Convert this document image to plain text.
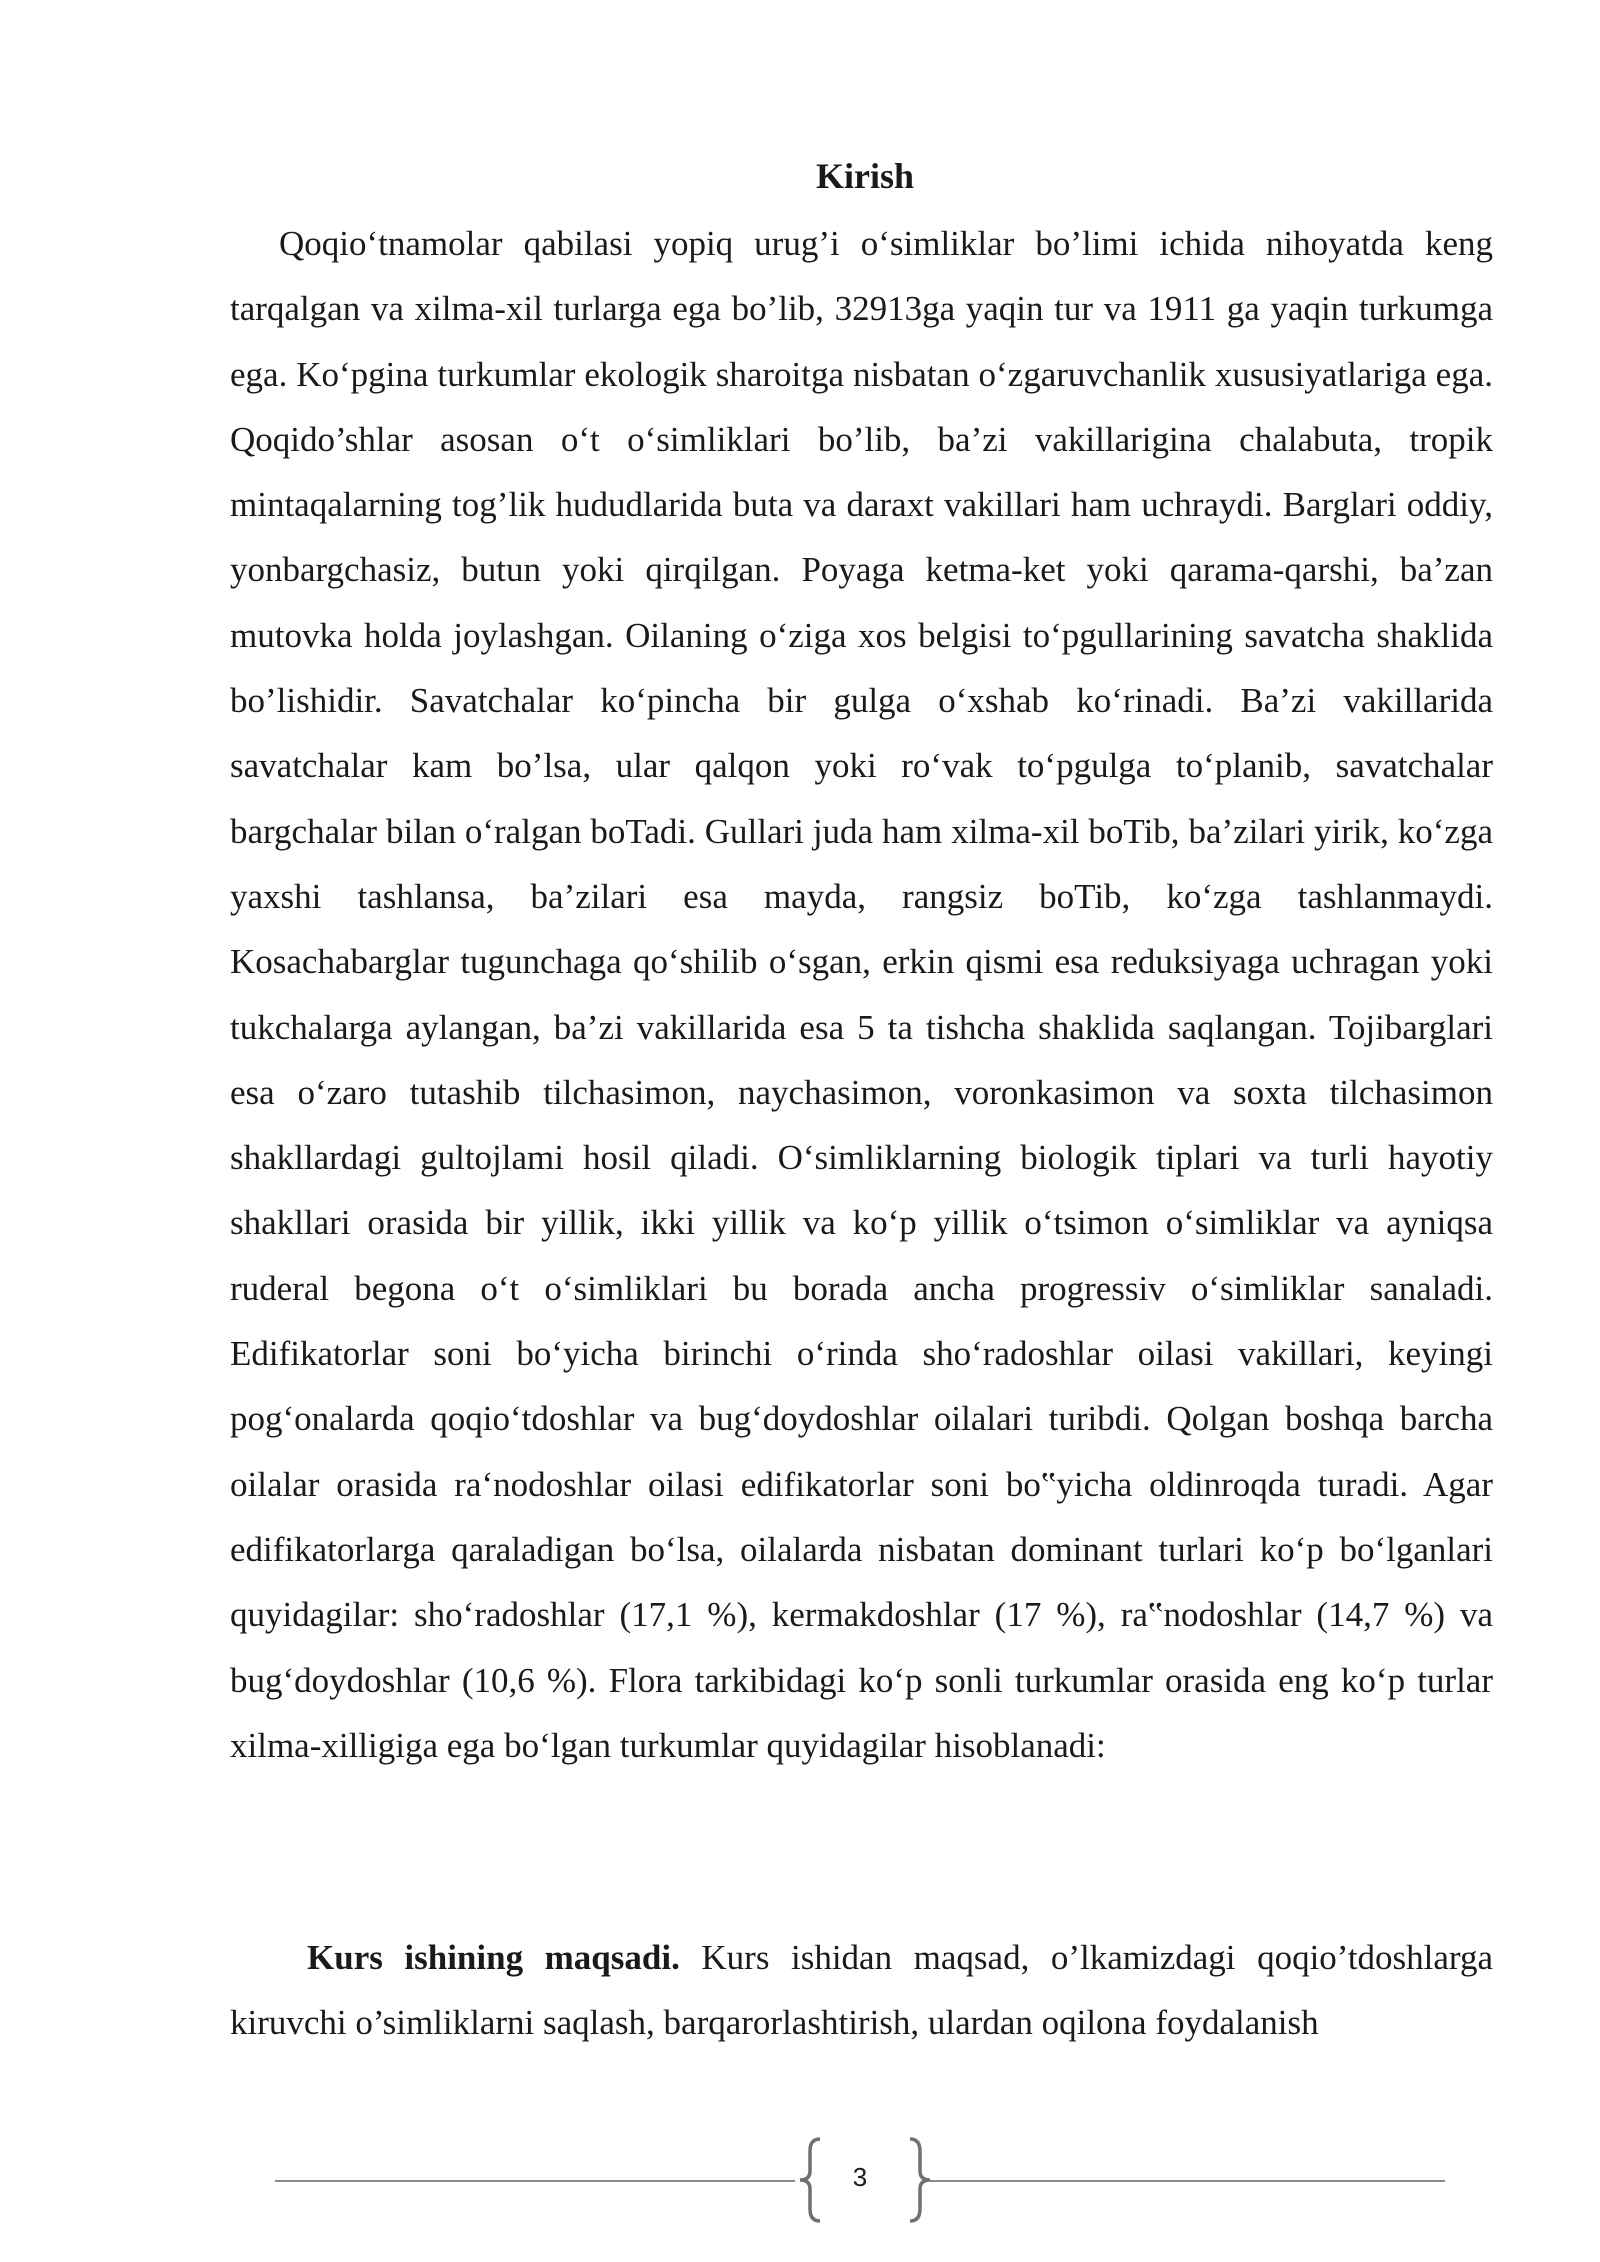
Kirish

Qoqio‘tnamolar qabilasi yopiq urug’i o‘simliklar bo’limi ichida nihoyatda keng tarqalgan va xilma-xil turlarga ega bo’lib, 32913ga yaqin tur va 1911 ga yaqin turkumga ega. Ko‘pgina turkumlar ekologik sharoitga nisbatan o‘zgaruvchanlik xususiyatlariga ega. Qoqido’shlar asosan o‘t o‘simliklari bo’lib, ba’zi vakillarigina chalabuta, tropik mintaqalarning tog’lik hududlarida buta va daraxt vakillari ham uchraydi. Barglari oddiy, yonbargchasiz, butun yoki qirqilgan. Poyaga ketma-ket yoki qarama-qarshi, ba’zan mutovka holda joylashgan. Oilaning o‘ziga xos belgisi to‘pgullarining savatcha shaklida bo’lishidir. Savatchalar ko‘pincha bir gulga o‘xshab ko‘rinadi. Ba’zi vakillarida savatchalar kam bo’lsa, ular qalqon yoki ro‘vak to‘pgulga to‘planib, savatchalar bargchalar bilan o‘ralgan boTadi. Gullari juda ham xilma-xil boTib, ba’zilari yirik, ko‘zga yaxshi tashlansa, ba’zilari esa mayda, rangsiz boTib, ko‘zga tashlanmaydi. Kosachabarglar tugunchaga qo‘shilib o‘sgan, erkin qismi esa reduksiyaga uchragan yoki tukchalarga aylangan, ba’zi vakillarida esa 5 ta tishcha shaklida saqlangan. Tojibarglari esa o‘zaro tutashib tilchasimon, naychasimon, voronkasimon va soxta tilchasimon shakllardagi gultojlami hosil qiladi. O‘simliklarning biologik tiplari va turli hayotiy shakllari orasida bir yillik, ikki yillik va ko‘p yillik o‘tsimon o‘simliklar va ayniqsa ruderal begona o‘t o‘simliklari bu borada ancha progressiv o‘simliklar sanaladi. Edifikatorlar soni bo‘yicha birinchi o‘rinda sho‘radoshlar oilasi vakillari, keyingi pog‘onalarda qoqio‘tdoshlar va bug‘doydoshlar oilalari turibdi. Qolgan boshqa barcha oilalar orasida ra‘nodoshlar oilasi edifikatorlar soni bo‟yicha oldinroqda turadi. Agar edifikatorlarga qaraladigan bo‘lsa, oilalarda nisbatan dominant turlari ko‘p bo‘lganlari quyidagilar: sho‘radoshlar (17,1 %), kermakdoshlar (17 %), ra‟nodoshlar (14,7 %) va bug‘doydoshlar (10,6 %). Flora tarkibidagi ko‘p sonli turkumlar orasida eng ko‘p turlar xilma-xilligiga ega bo‘lgan turkumlar quyidagilar hisoblanadi:

Kurs ishining maqsadi. Kurs ishidan maqsad, o’lkamizdagi qoqio’tdoshlarga kiruvchi o’simliklarni saqlash, barqarorlashtirish, ulardan oqilona foydalanish

3
